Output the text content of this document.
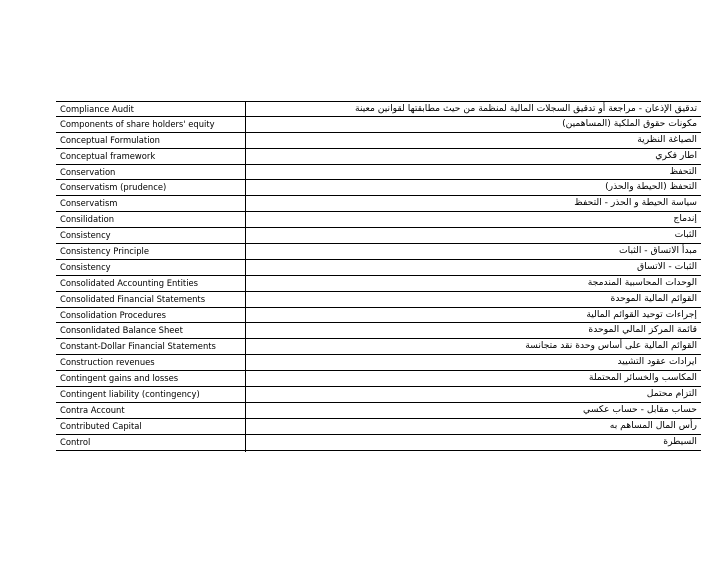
Compliance Audit	تدقيق الإذعان - مراجعة أو تدقيق السجلات المالية لمنظمة من حيث مطابقتها لقوانين معينة
Components of share holders' equity	مكونات حقوق الملكية (المساهمين)
Conceptual Formulation	الصياغة النظرية
Conceptual framework	اطار فكري
Conservation	التحفظ
Conservatism (prudence)	التحفظ (الحيطة والحذر)
Conservatism	سياسة الحيطة و الحذر - التحفظ
Consilidation	إندماج
Consistency	الثبات
Consistency Principle	مبدأ الاتساق - الثبات
Consistency	الثبات - الاتساق
Consolidated Accounting Entities	الوحدات المحاسبية المندمجة
Consolidated Financial Statements	القوائم المالية الموحدة
Consolidation Procedures	إجراءات توحيد القوائم المالية
Consonlidated Balance Sheet	قائمة المركز المالي الموحدة
Constant-Dollar Financial Statements	القوائم المالية على أساس وحدة نقد متجانسة
Construction revenues	ايرادات عقود التشييد
Contingent gains and losses	المكاسب والخسائر المحتملة
Contingent liability (contingency)	التزام محتمل
Contra Account	حساب مقابل - حساب عكسي
Contributed Capital	رأس المال المساهم به
Control	السيطرة
